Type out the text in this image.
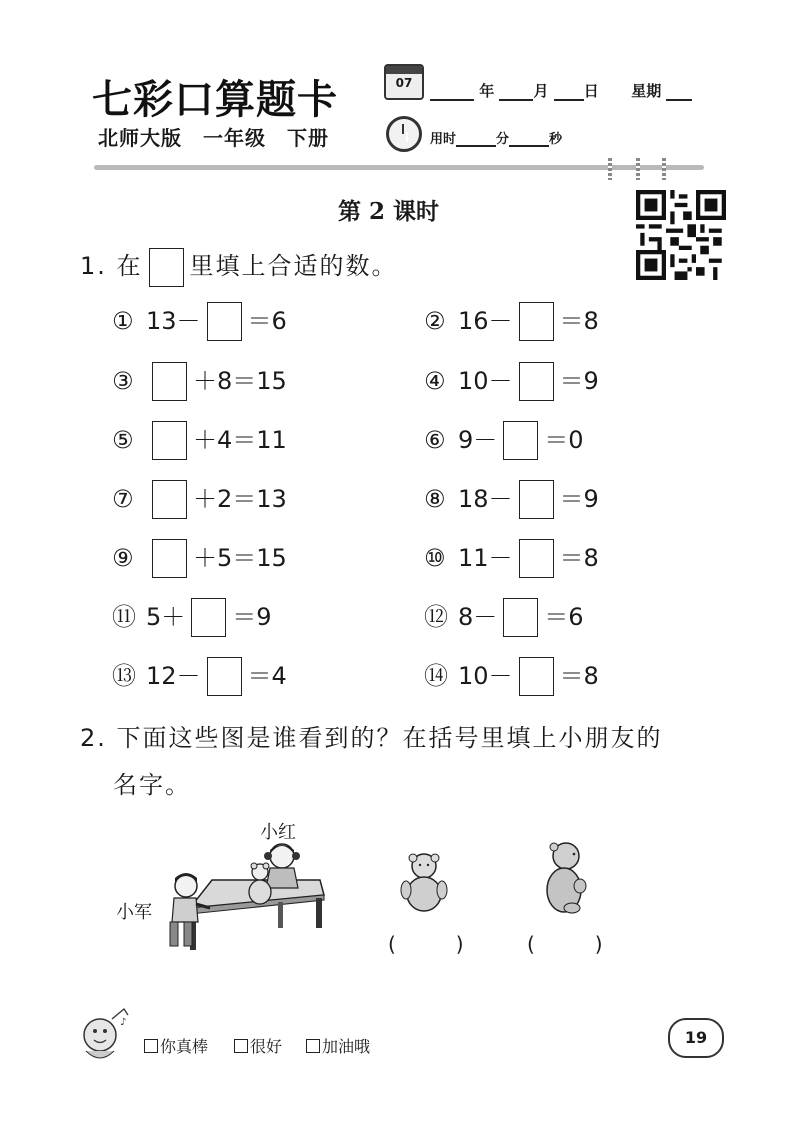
七彩口算题卡	07	年	月 日 星期
北师大版　一年级　下册	用时	分	秒
第 2 课时
1. 在 里填上合适的数。
① 13－ ＝6	② 16－ ＝8
③ ＋8＝15	④ 10－ ＝9
⑤ ＋4＝11	⑥ 9－ ＝0
⑦ ＋2＝13	⑧ 18－ ＝9
⑨ ＋5＝15	⑩ 11－ ＝8
⑪ 5＋ ＝9	⑫ 8－ ＝6
⑬ 12－ ＝4	⑭ 10－ ＝8
2. 下面这些图是谁看到的？在括号里填上小朋友的
名字。
小红
小军
(　　　)	(　　　)
♪
你真棒	很好	加油哦	19
